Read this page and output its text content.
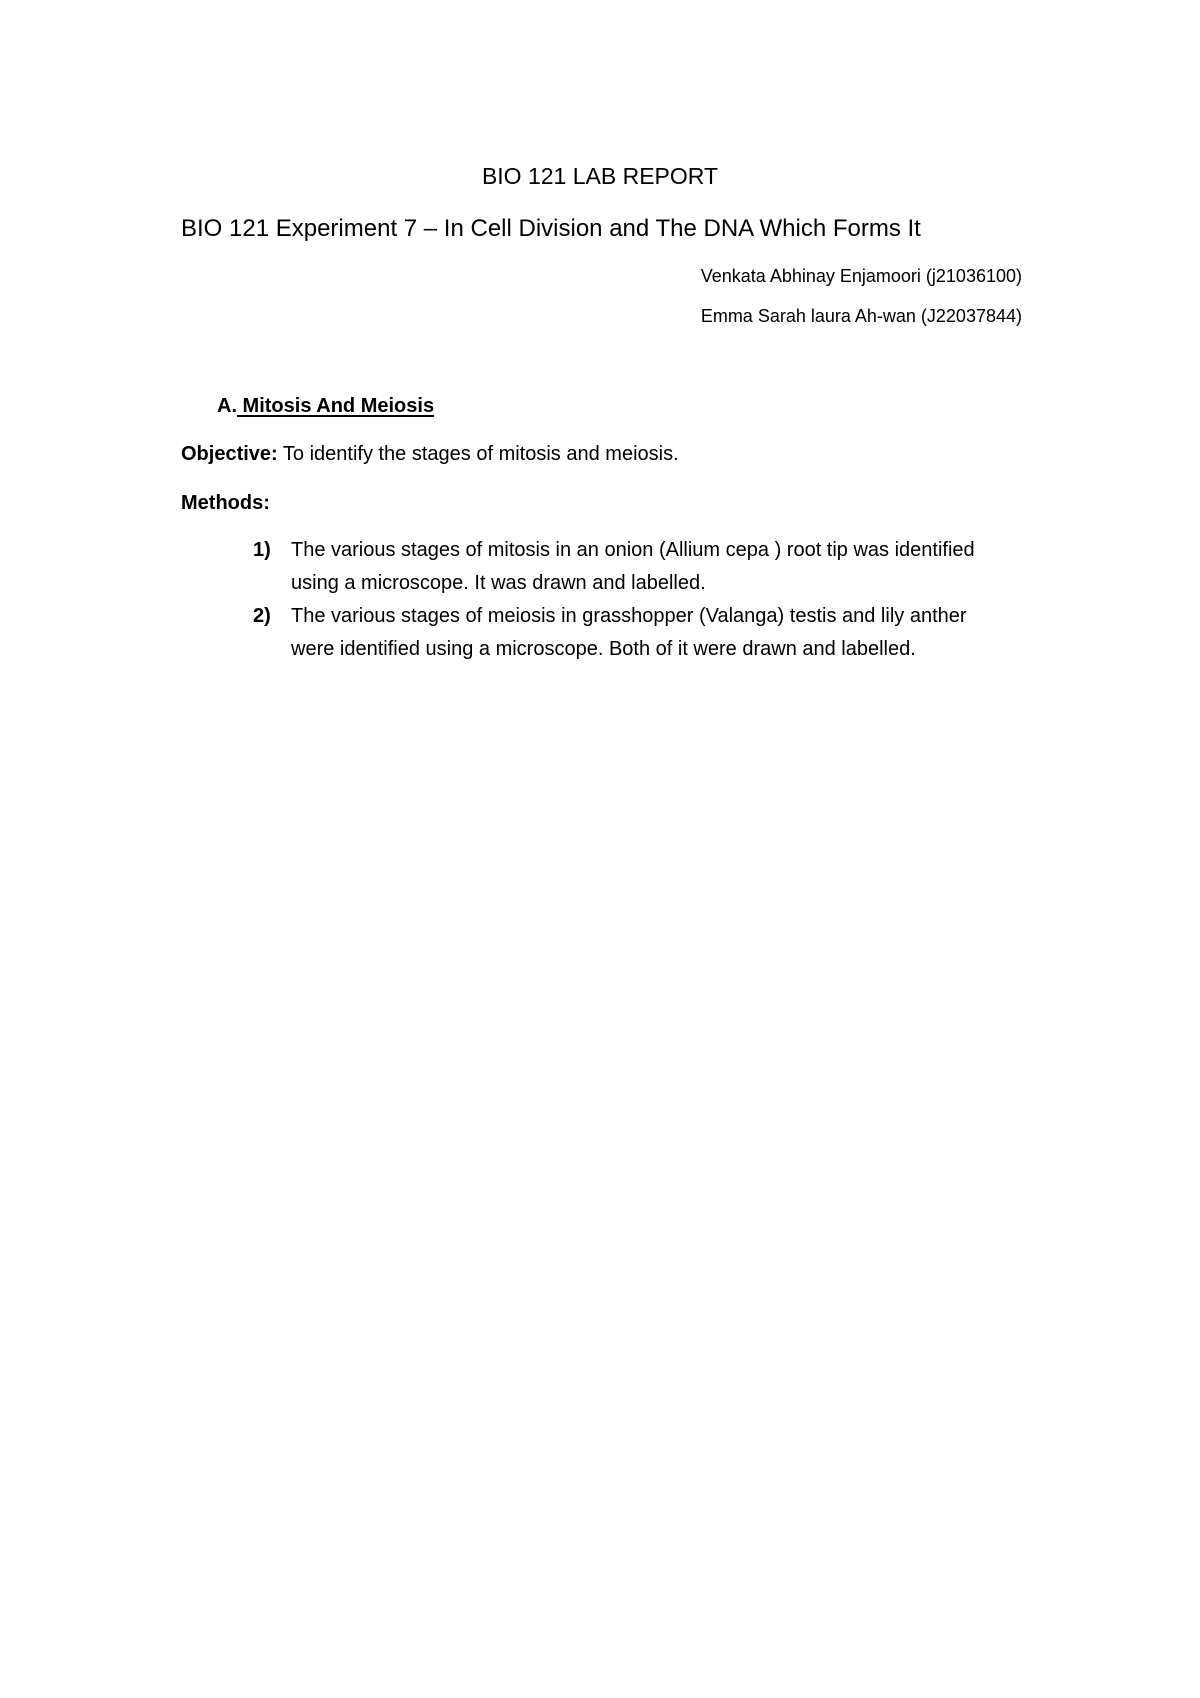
BIO 121 LAB REPORT
BIO 121 Experiment 7 – In Cell Division and The DNA Which Forms It
Venkata Abhinay Enjamoori (j21036100)
Emma Sarah laura Ah-wan (J22037844)
A. Mitosis And Meiosis
Objective: To identify the stages of mitosis and meiosis.
Methods:
1) The various stages of mitosis in an onion (Allium cepa ) root tip was identified using a microscope. It was drawn and labelled.
2) The various stages of meiosis in grasshopper (Valanga) testis and lily anther were identified using a microscope. Both of it were drawn and labelled.
